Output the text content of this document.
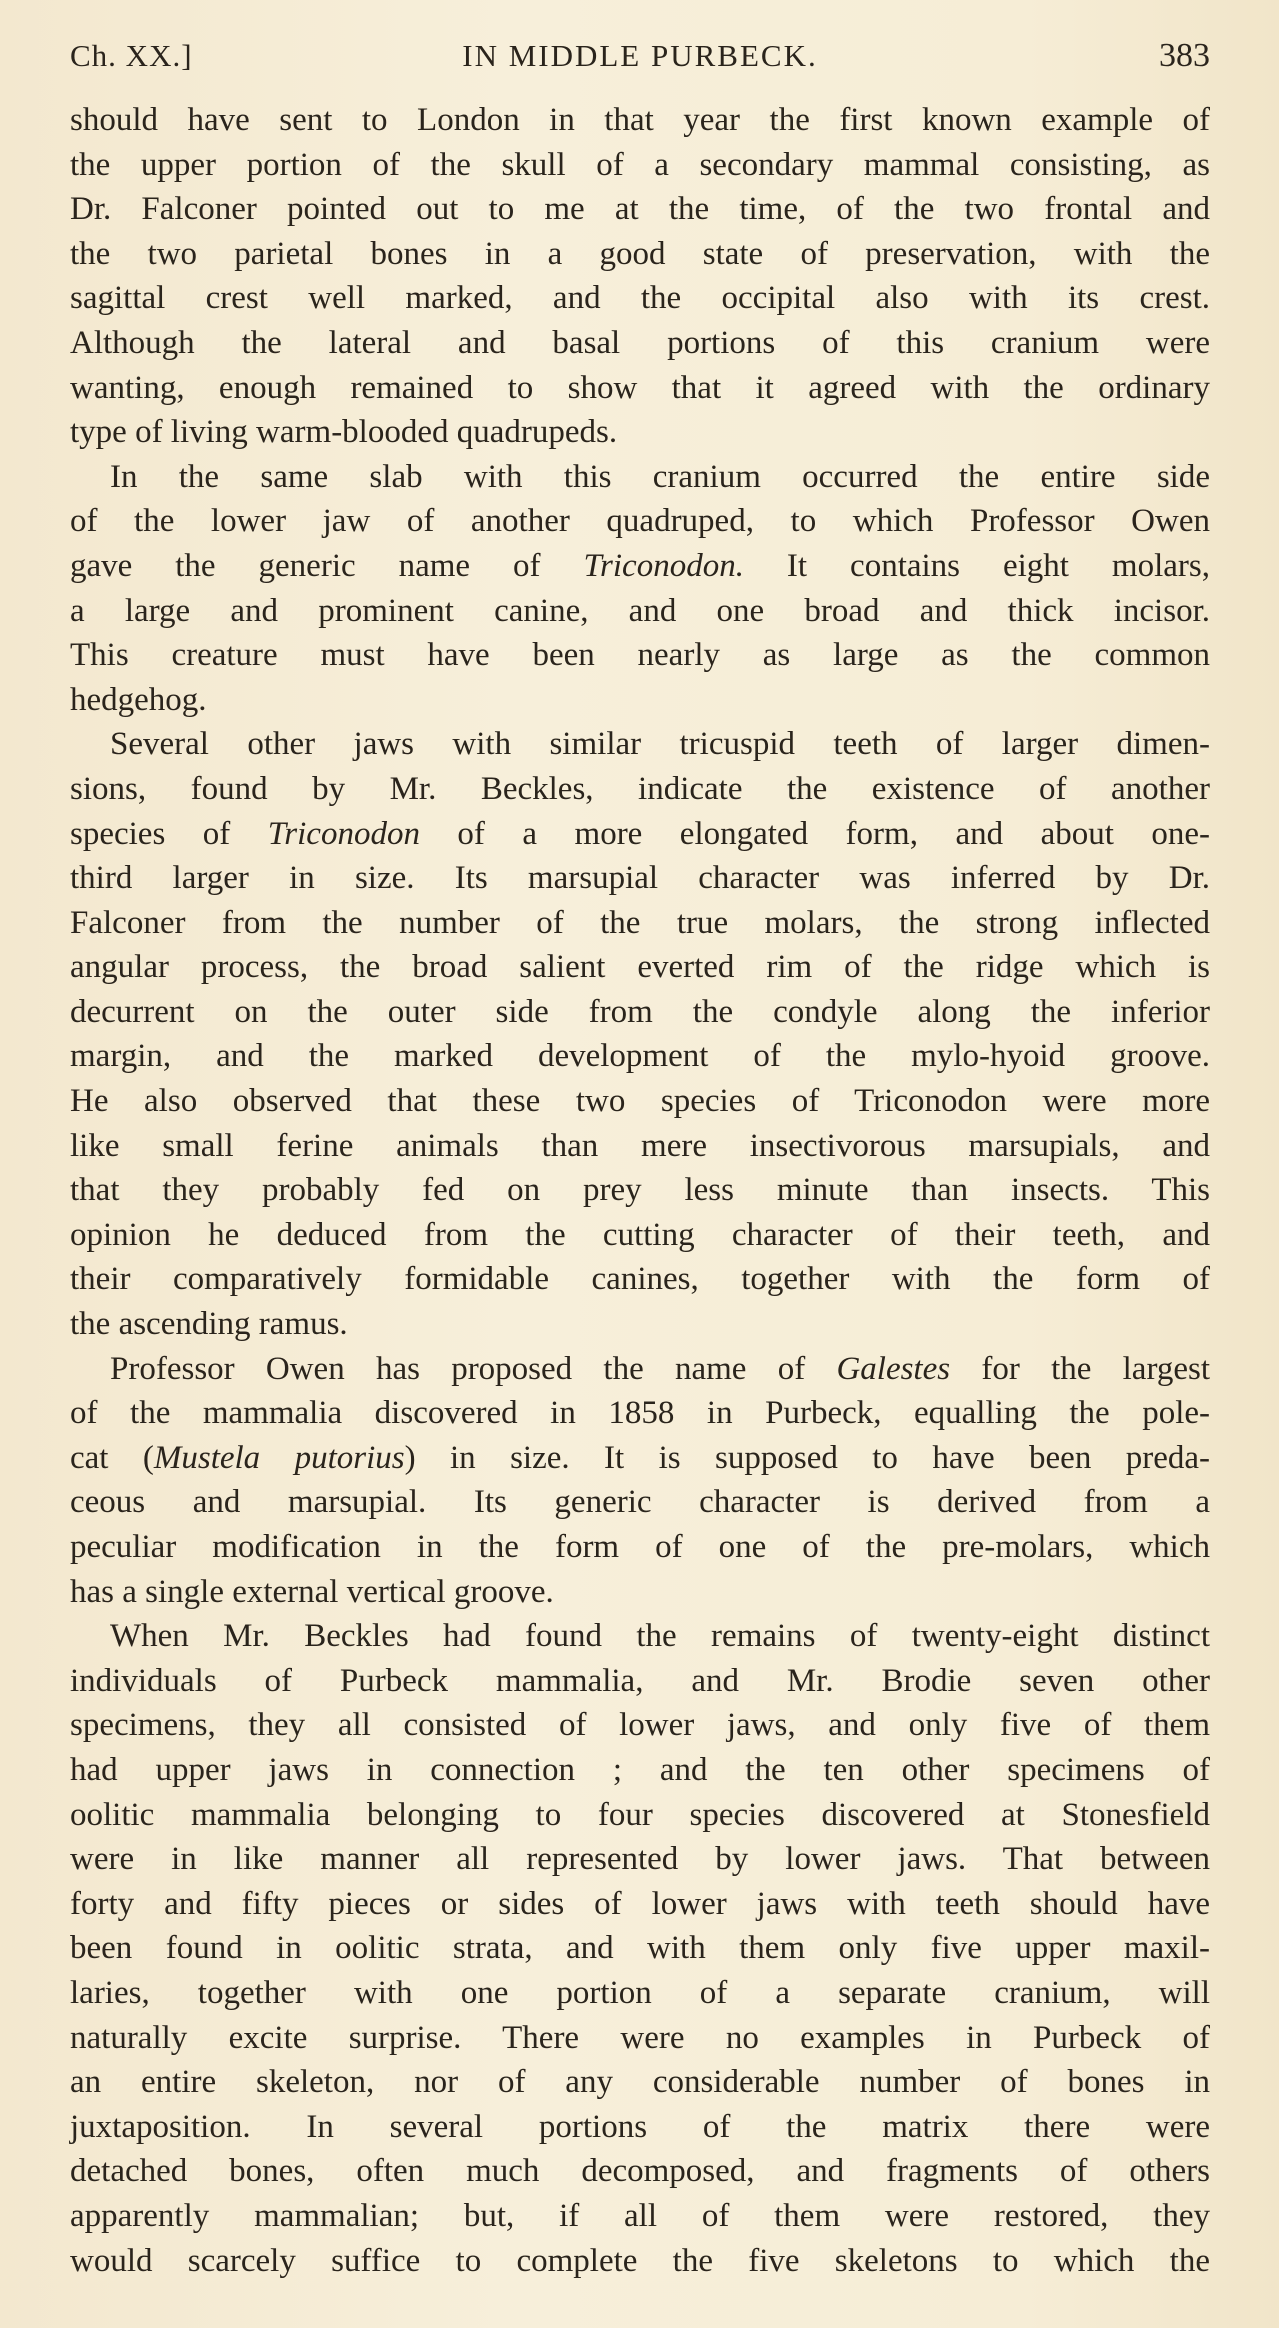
Ch. XX.]	IN MIDDLE PURBECK.	383
should have sent to London in that year the first known example of
the upper portion of the skull of a secondary mammal consisting, as
Dr. Falconer pointed out to me at the time, of the two frontal and
the two parietal bones in a good state of preservation, with the
sagittal crest well marked, and the occipital also with its crest.
Although the lateral and basal portions of this cranium were
wanting, enough remained to show that it agreed with the ordinary
type of living warm-blooded quadrupeds.
In the same slab with this cranium occurred the entire side
of the lower jaw of another quadruped, to which Professor Owen
gave the generic name of Triconodon. It contains eight molars,
a large and prominent canine, and one broad and thick incisor.
This creature must have been nearly as large as the common
hedgehog.
Several other jaws with similar tricuspid teeth of larger dimen-
sions, found by Mr. Beckles, indicate the existence of another
species of Triconodon of a more elongated form, and about one-
third larger in size. Its marsupial character was inferred by Dr.
Falconer from the number of the true molars, the strong inflected
angular process, the broad salient everted rim of the ridge which is
decurrent on the outer side from the condyle along the inferior
margin, and the marked development of the mylo-hyoid groove.
He also observed that these two species of Triconodon were more
like small ferine animals than mere insectivorous marsupials, and
that they probably fed on prey less minute than insects. This
opinion he deduced from the cutting character of their teeth, and
their comparatively formidable canines, together with the form of
the ascending ramus.
Professor Owen has proposed the name of Galestes for the largest
of the mammalia discovered in 1858 in Purbeck, equalling the pole-
cat (Mustela putorius) in size. It is supposed to have been preda-
ceous and marsupial. Its generic character is derived from a
peculiar modification in the form of one of the pre-molars, which
has a single external vertical groove.
When Mr. Beckles had found the remains of twenty-eight distinct
individuals of Purbeck mammalia, and Mr. Brodie seven other
specimens, they all consisted of lower jaws, and only five of them
had upper jaws in connection ; and the ten other specimens of
oolitic mammalia belonging to four species discovered at Stonesfield
were in like manner all represented by lower jaws. That between
forty and fifty pieces or sides of lower jaws with teeth should have
been found in oolitic strata, and with them only five upper maxil-
laries, together with one portion of a separate cranium, will
naturally excite surprise. There were no examples in Purbeck of
an entire skeleton, nor of any considerable number of bones in
juxtaposition. In several portions of the matrix there were
detached bones, often much decomposed, and fragments of others
apparently mammalian; but, if all of them were restored, they
would scarcely suffice to complete the five skeletons to which the
